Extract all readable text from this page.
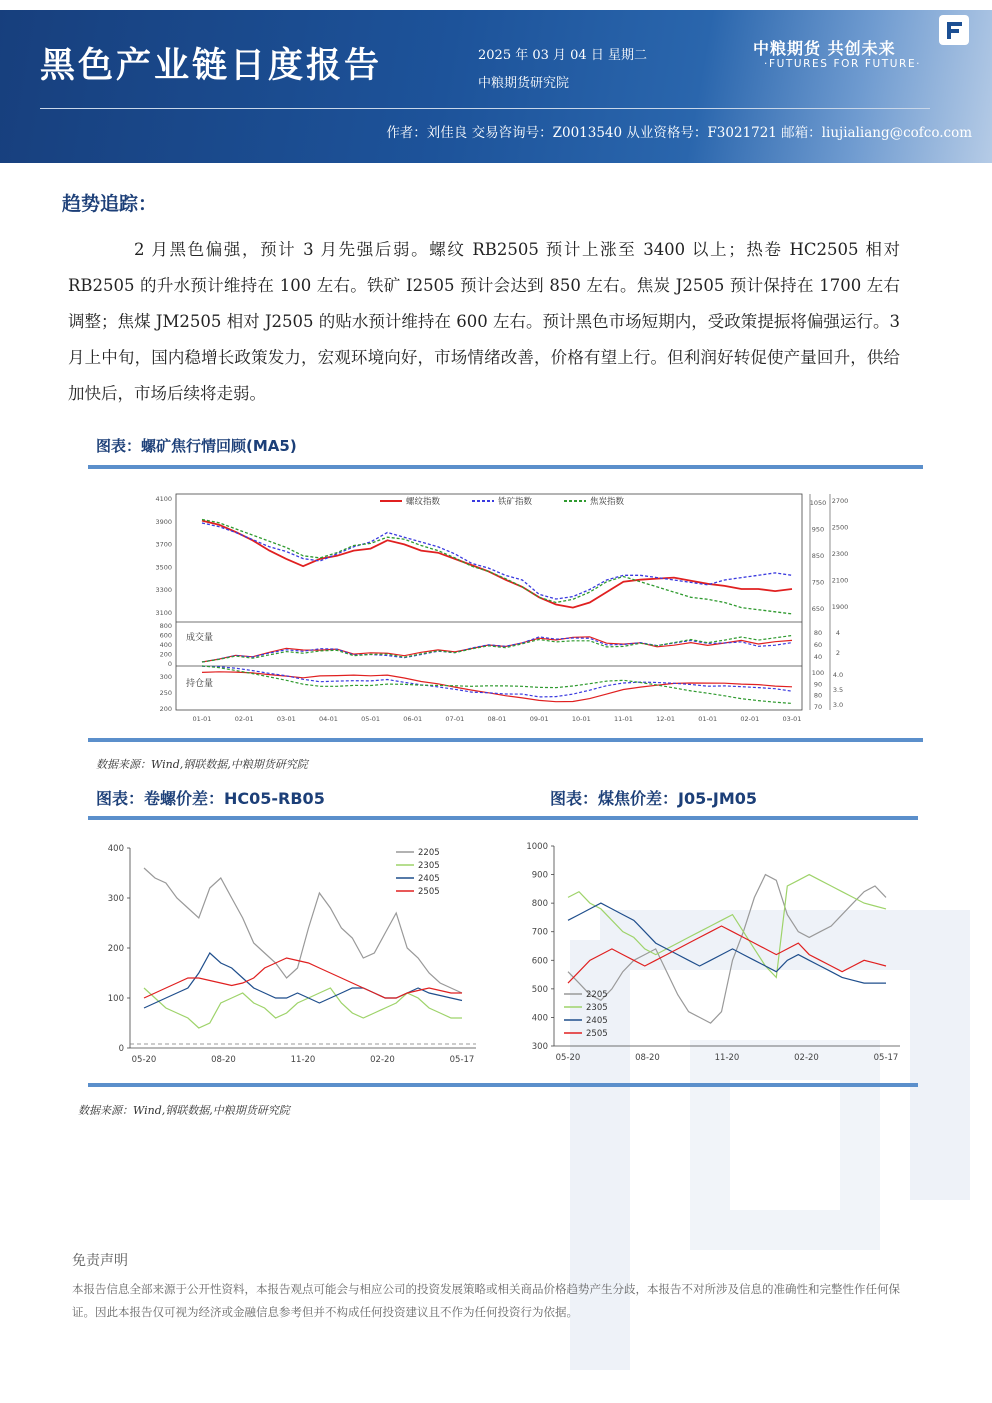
黑色产业链日度报告	2025 年 03 月 04 日 星期二
中粮期货研究院
中粮期货 共创未来
·FUTURES FOR FUTURE·
作者：刘佳良 交易咨询号：Z0013540 从业资格号：F3021721 邮箱：liujialiang@cofco.com
趋势追踪：
2 月黑色偏强，预计 3 月先强后弱。螺纹 RB2505 预计上涨至 3400 以上；热卷 HC2505 相对 RB2505 的升水预计维持在 100 左右。铁矿 I2505 预计会达到 850 左右。焦炭 J2505 预计保持在 1700 左右调整；焦煤 JM2505 相对 J2505 的贴水预计维持在 600 左右。预计黑色市场短期内，受政策提振将偏强运行。3 月上中旬，国内稳增长政策发力，宏观环境向好，市场情绪改善，价格有望上行。但利润好转促使产量回升，供给加快后，市场后续将走弱。
图表：螺矿焦行情回顾(MA5)
4100
3900
3700
3500
3300
3100
1050
950
850
750
650
2700
2500
2300
2100
1900
800
600
400
200
0
80
60
40
4
2
300
250
200
100
90
80
70
4.0
3.5
3.0
01-01	02-01	03-01	04-01	05-01	06-01	07-01	08-01	09-01	10-01	11-01	12-01	01-01	02-01	03-01
成交量
持仓量
螺纹指数	铁矿指数	焦炭指数
数据来源：Wind,钢联数据,中粮期货研究院
图表：卷螺价差：HC05-RB05	图表：煤焦价差：J05-JM05
400
300
200
100
0
05-20	08-20	11-20	02-20	05-17
2205
2305
2405
2505
1000
900
800
700
600
500
400
300
05-20	08-20	11-20	02-20	05-17
2205
2305
2405
2505
数据来源：Wind,钢联数据,中粮期货研究院
免责声明
本报告信息全部来源于公开性资料，本报告观点可能会与相应公司的投资发展策略或相关商品价格趋势产生分歧，本报告不对所涉及信息的准确性和完整性作任何保证。因此本报告仅可视为经济或金融信息参考但并不构成任何投资建议且不作为任何投资行为依据。
